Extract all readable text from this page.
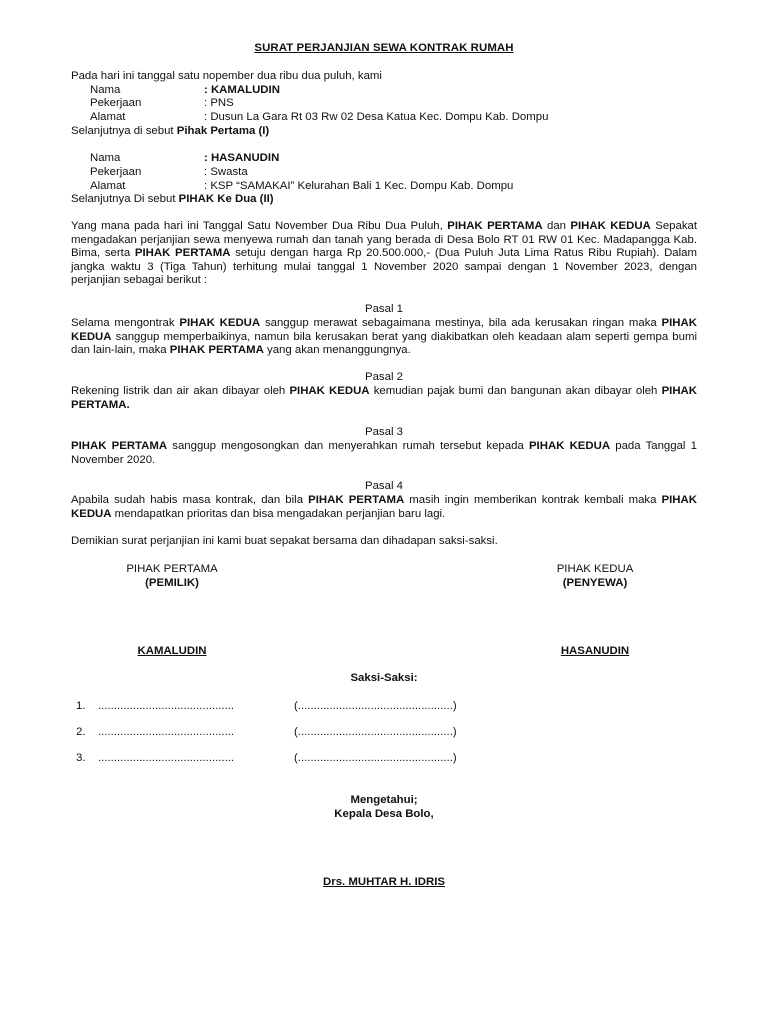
SURAT PERJANJIAN SEWA KONTRAK RUMAH
Pada hari ini tanggal satu nopember dua ribu dua puluh, kami
Nama	: KAMALUDIN
Pekerjaan	: PNS
Alamat	: Dusun La Gara Rt 03 Rw 02 Desa Katua Kec. Dompu Kab. Dompu
Selanjutnya di sebut Pihak Pertama (I)
Nama	: HASANUDIN
Pekerjaan	: Swasta
Alamat	: KSP “SAMAKAI” Kelurahan Bali 1 Kec. Dompu Kab. Dompu
Selanjutnya Di sebut PIHAK Ke Dua (II)

Yang mana pada hari ini Tanggal Satu November Dua Ribu Dua Puluh, PIHAK PERTAMA dan PIHAK KEDUA Sepakat mengadakan perjanjian sewa menyewa rumah dan tanah yang berada di Desa Bolo RT 01 RW 01 Kec. Madapangga Kab. Bima, serta PIHAK PERTAMA setuju dengan harga Rp 20.500.000,- (Dua Puluh Juta Lima Ratus Ribu Rupiah). Dalam jangka waktu 3 (Tiga Tahun) terhitung mulai tanggal 1 November 2020 sampai dengan 1 November 2023, dengan perjanjian sebagai berikut :

Pasal 1

Selama mengontrak PIHAK KEDUA sanggup merawat sebagaimana mestinya, bila ada kerusakan ringan maka PIHAK KEDUA sanggup memperbaikinya, namun bila kerusakan berat yang diakibatkan oleh keadaan alam seperti gempa bumi dan lain-lain, maka PIHAK PERTAMA yang akan menanggungnya.

Pasal 2

Rekening listrik dan air akan dibayar oleh PIHAK KEDUA kemudian pajak bumi dan bangunan akan dibayar oleh PIHAK PERTAMA.

Pasal 3

PIHAK PERTAMA sanggup mengosongkan dan menyerahkan rumah tersebut kepada PIHAK KEDUA pada Tanggal 1 November 2020.

Pasal 4

Apabila sudah habis masa kontrak, dan bila PIHAK PERTAMA masih ingin memberikan kontrak kembali maka PIHAK KEDUA mendapatkan prioritas dan bisa mengadakan perjanjian baru lagi.

Demikian surat perjanjian ini kami buat sepakat bersama dan dihadapan saksi-saksi.
PIHAK PERTAMA
(PEMILIK)
PIHAK KEDUA
(PENYEWA)
KAMALUDIN	HASANUDIN
Saksi-Saksi:
1. ...........................................	(.................................................)
2. ...........................................	(.................................................)
3. ...........................................	(.................................................)
Mengetahui;
Kepala Desa Bolo,
Drs. MUHTAR H. IDRIS
